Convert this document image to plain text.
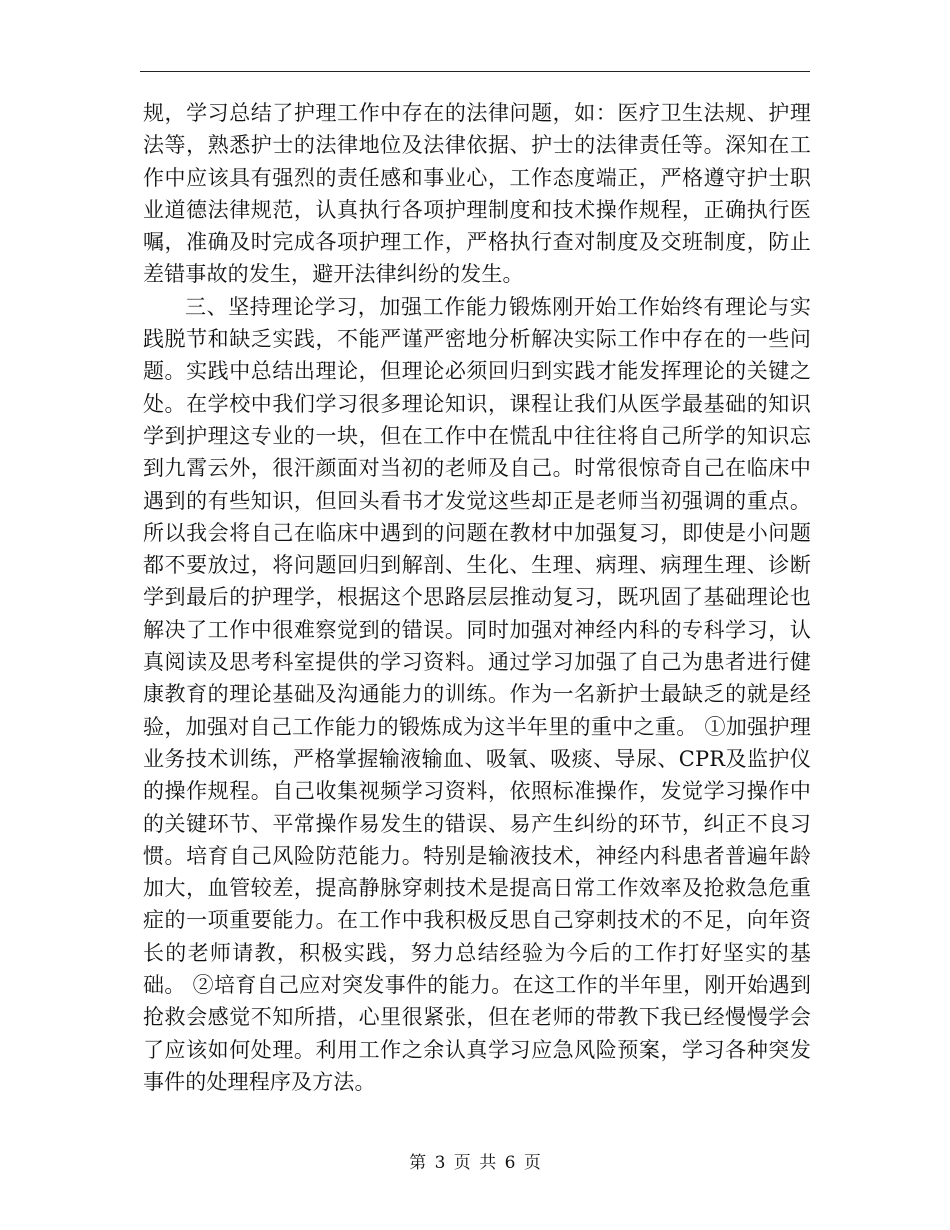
规，学习总结了护理工作中存在的法律问题，如：医疗卫生法规、护理法等，熟悉护士的法律地位及法律依据、护士的法律责任等。深知在工作中应该具有强烈的责任感和事业心，工作态度端正，严格遵守护士职业道德法律规范，认真执行各项护理制度和技术操作规程，正确执行医嘱，准确及时完成各项护理工作，严格执行查对制度及交班制度，防止差错事故的发生，避开法律纠纷的发生。

三、坚持理论学习，加强工作能力锻炼刚开始工作始终有理论与实践脱节和缺乏实践，不能严谨严密地分析解决实际工作中存在的一些问题。实践中总结出理论，但理论必须回归到实践才能发挥理论的关键之处。在学校中我们学习很多理论知识，课程让我们从医学最基础的知识学到护理这专业的一块，但在工作中在慌乱中往往将自己所学的知识忘到九霄云外，很汗颜面对当初的老师及自己。时常很惊奇自己在临床中遇到的有些知识，但回头看书才发觉这些却正是老师当初强调的重点。所以我会将自己在临床中遇到的问题在教材中加强复习，即使是小问题都不要放过，将问题回归到解剖、生化、生理、病理、病理生理、诊断学到最后的护理学，根据这个思路层层推动复习，既巩固了基础理论也解决了工作中很难察觉到的错误。同时加强对神经内科的专科学习，认真阅读及思考科室提供的学习资料。通过学习加强了自己为患者进行健康教育的理论基础及沟通能力的训练。作为一名新护士最缺乏的就是经验，加强对自己工作能力的锻炼成为这半年里的重中之重。 ①加强护理业务技术训练，严格掌握输液输血、吸氧、吸痰、导尿、CPR及监护仪的操作规程。自己收集视频学习资料，依照标准操作，发觉学习操作中的关键环节、平常操作易发生的错误、易产生纠纷的环节，纠正不良习惯。培育自己风险防范能力。特别是输液技术，神经内科患者普遍年龄加大，血管较差，提高静脉穿刺技术是提高日常工作效率及抢救急危重症的一项重要能力。在工作中我积极反思自己穿刺技术的不足，向年资长的老师请教，积极实践，努力总结经验为今后的工作打好坚实的基础。 ②培育自己应对突发事件的能力。在这工作的半年里，刚开始遇到抢救会感觉不知所措，心里很紧张，但在老师的带教下我已经慢慢学会了应该如何处理。利用工作之余认真学习应急风险预案，学习各种突发事件的处理程序及方法。

第 3 页 共 6 页
